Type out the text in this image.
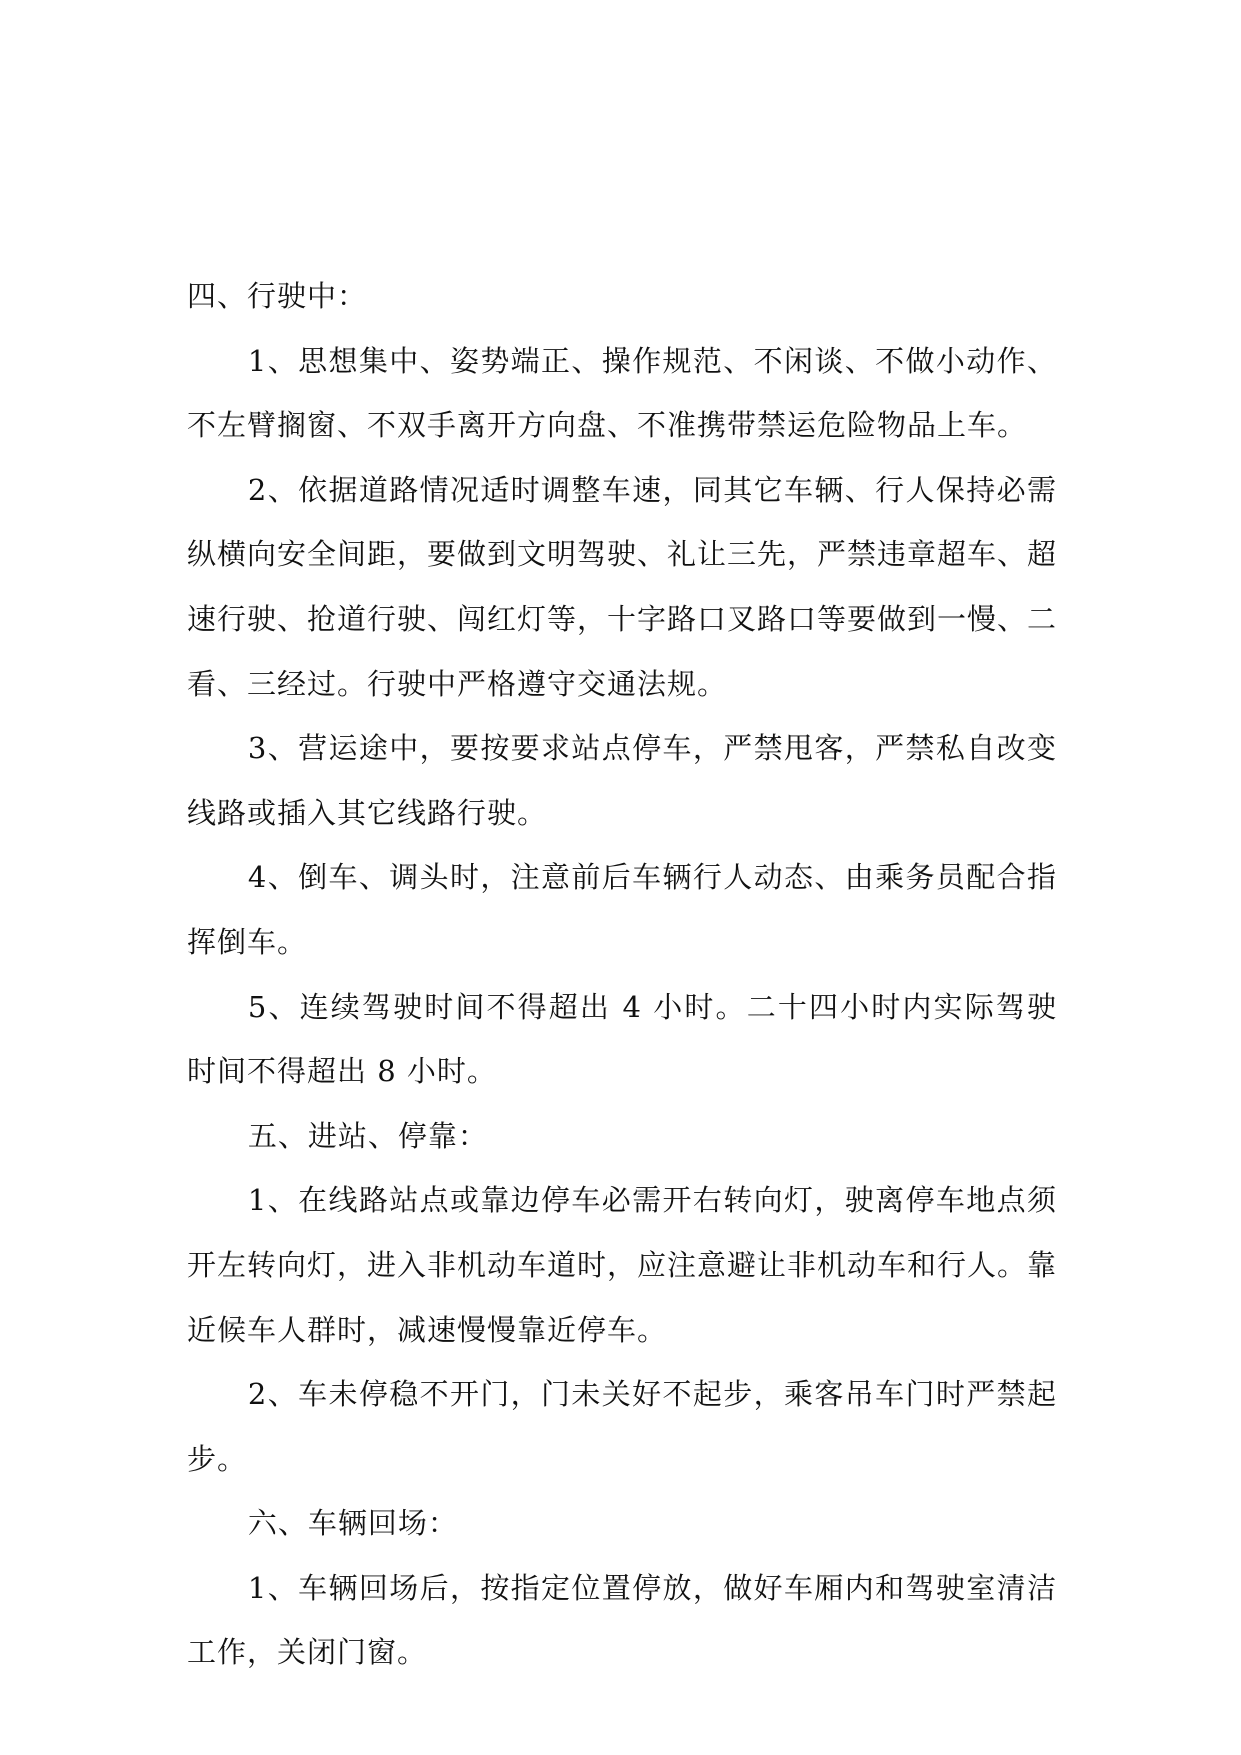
四、行驶中：

1、思想集中、姿势端正、操作规范、不闲谈、不做小动作、不左臂搁窗、不双手离开方向盘、不准携带禁运危险物品上车。

2、依据道路情况适时调整车速，同其它车辆、行人保持必需纵横向安全间距，要做到文明驾驶、礼让三先，严禁违章超车、超速行驶、抢道行驶、闯红灯等，十字路口叉路口等要做到一慢、二看、三经过。行驶中严格遵守交通法规。

3、营运途中，要按要求站点停车，严禁甩客，严禁私自改变线路或插入其它线路行驶。

4、倒车、调头时，注意前后车辆行人动态、由乘务员配合指挥倒车。

5、连续驾驶时间不得超出 4 小时。二十四小时内实际驾驶时间不得超出 8 小时。

五、进站、停靠：

1、在线路站点或靠边停车必需开右转向灯，驶离停车地点须开左转向灯，进入非机动车道时，应注意避让非机动车和行人。靠近候车人群时，减速慢慢靠近停车。

2、车未停稳不开门，门未关好不起步，乘客吊车门时严禁起步。

六、车辆回场：

1、车辆回场后，按指定位置停放，做好车厢内和驾驶室清洁工作，关闭门窗。
